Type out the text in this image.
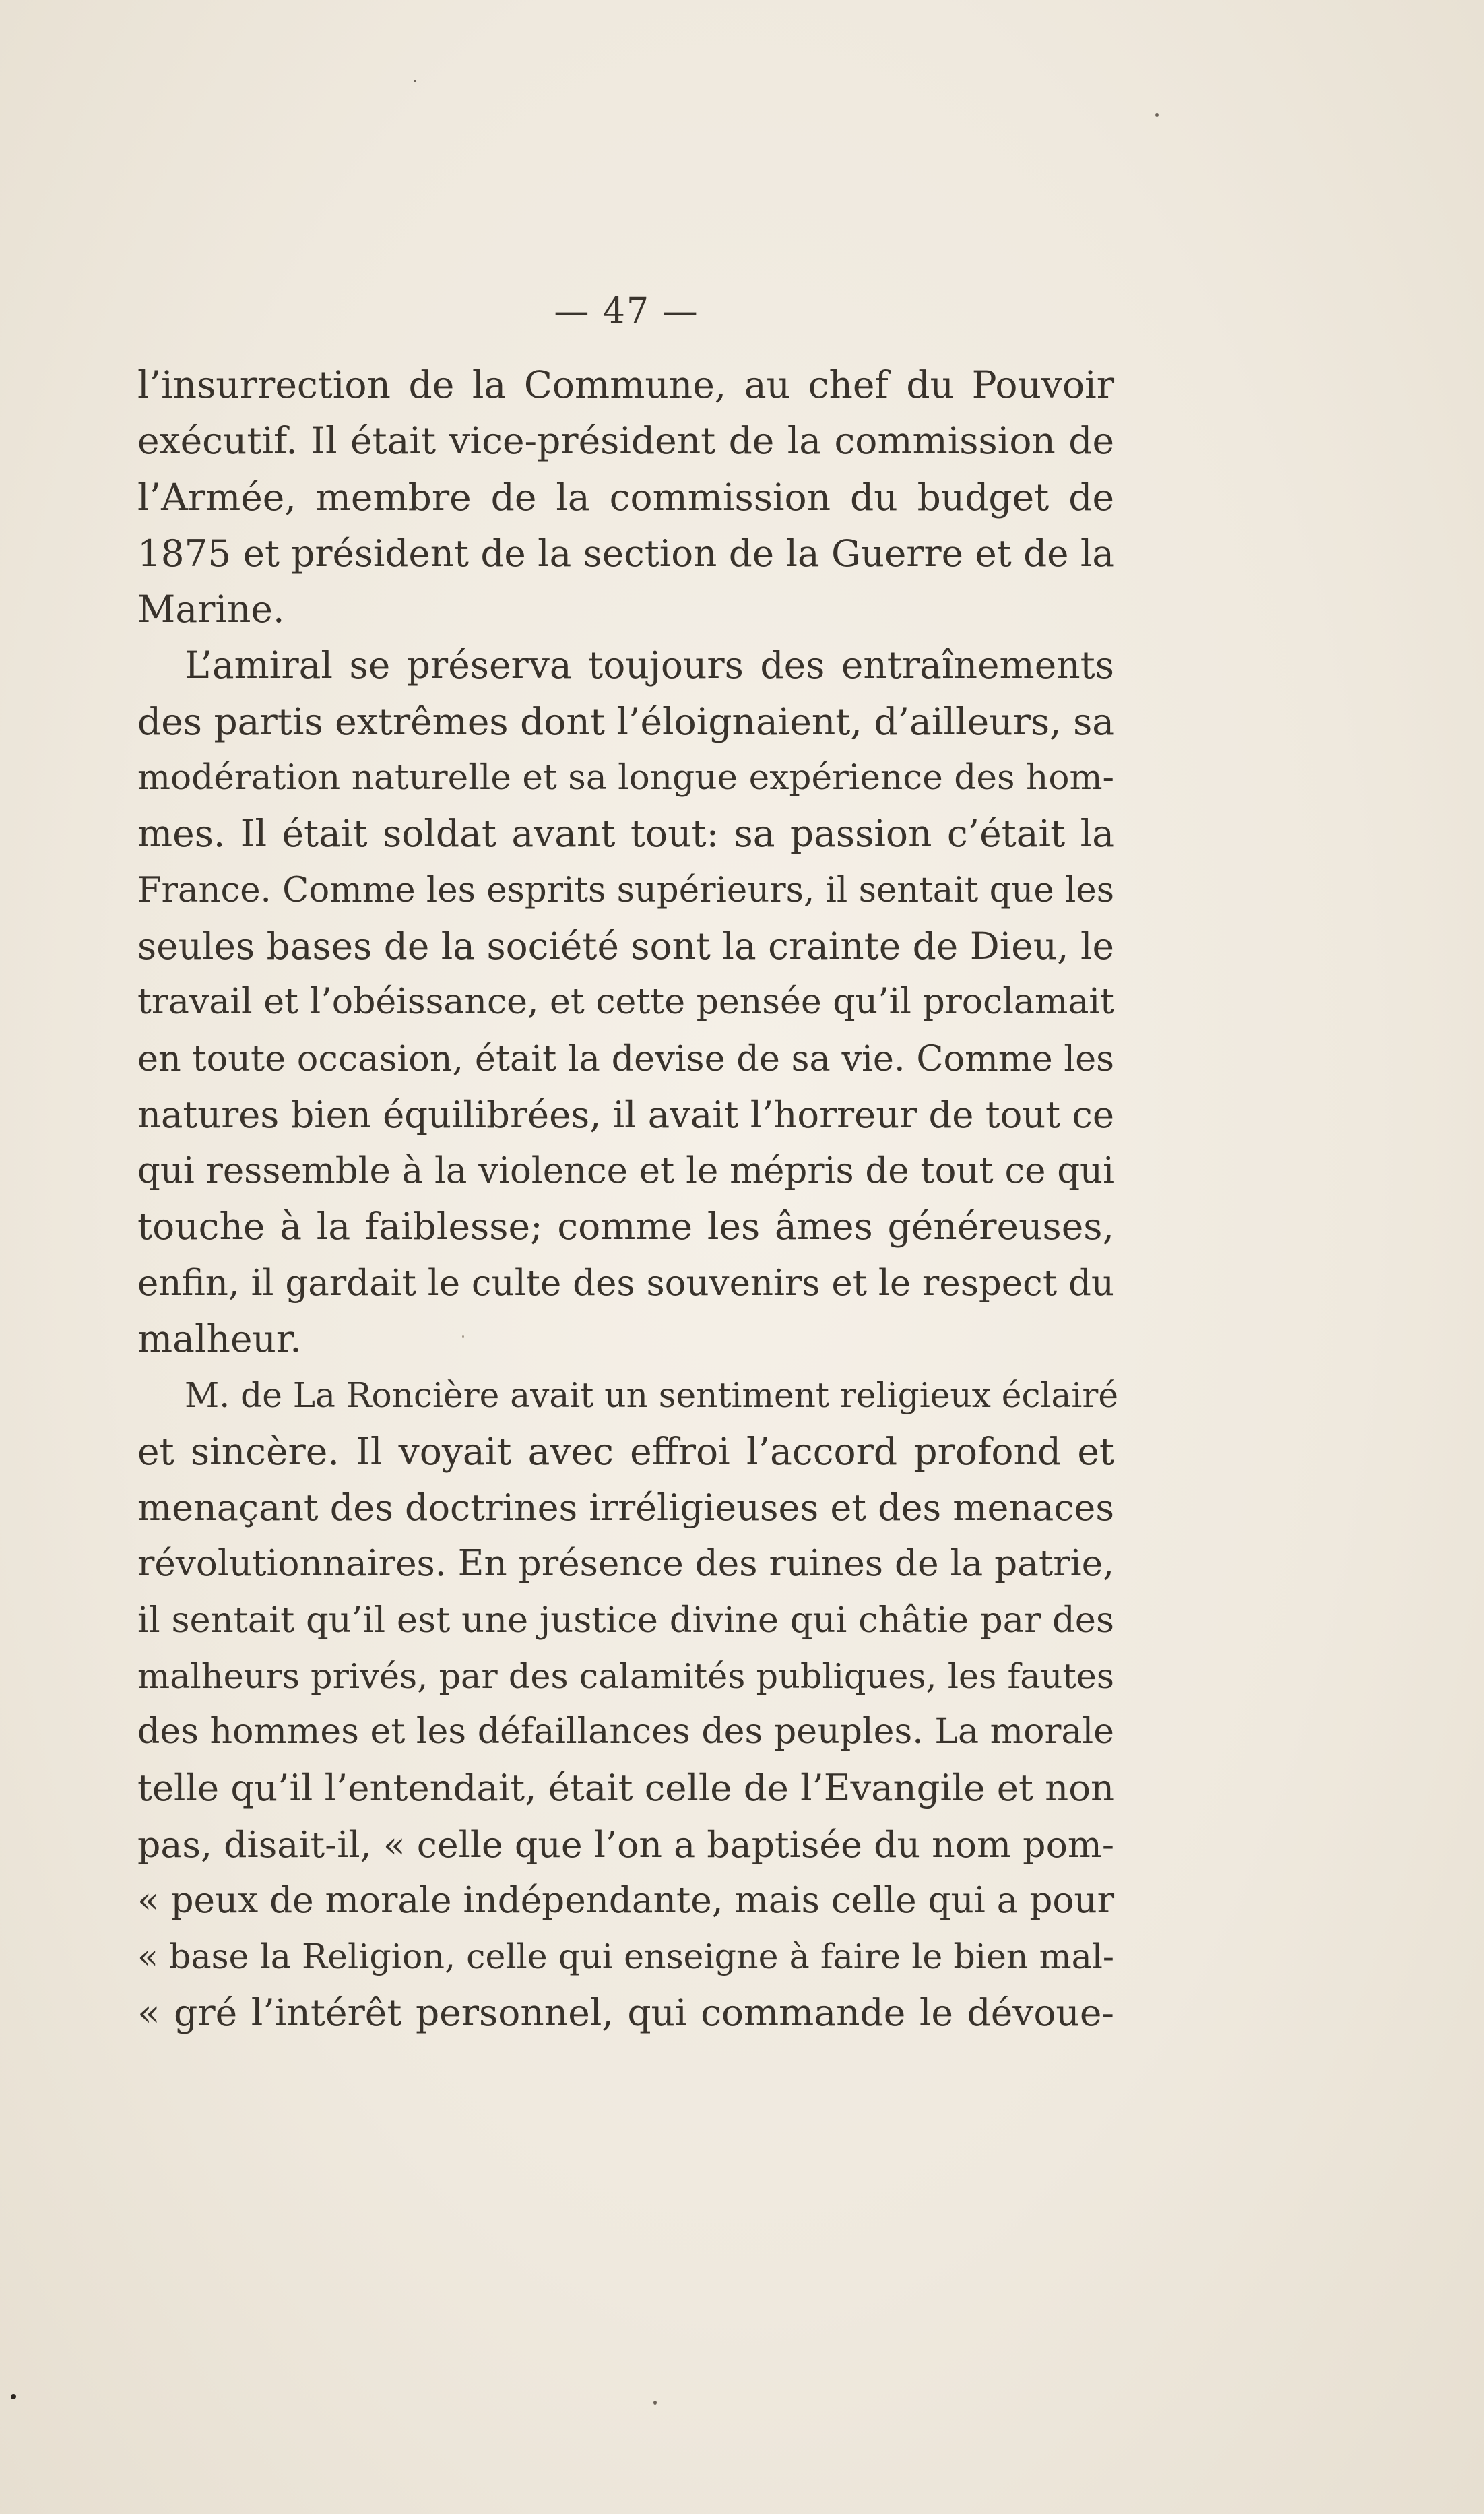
— 47 —
l’insurrection de la Commune, au chef du Pouvoir
exécutif. Il était vice-président de la commission de
l’Armée, membre de la commission du budget de
1875 et président de la section de la Guerre et de la
Marine.
L’amiral se préserva toujours des entraînements
des partis extrêmes dont l’éloignaient, d’ailleurs, sa
modération naturelle et sa longue expérience des hom-
mes. Il était soldat avant tout: sa passion c’était la
France. Comme les esprits supérieurs, il sentait que les
seules bases de la société sont la crainte de Dieu, le
travail et l’obéissance, et cette pensée qu’il proclamait
en toute occasion, était la devise de sa vie. Comme les
natures bien équilibrées, il avait l’horreur de tout ce
qui ressemble à la violence et le mépris de tout ce qui
touche à la faiblesse; comme les âmes généreuses,
enfin, il gardait le culte des souvenirs et le respect du
malheur.
M. de La Roncière avait un sentiment religieux éclairé
et sincère. Il voyait avec effroi l’accord profond et
menaçant des doctrines irréligieuses et des menaces
révolutionnaires. En présence des ruines de la patrie,
il sentait qu’il est une justice divine qui châtie par des
malheurs privés, par des calamités publiques, les fautes
des hommes et les défaillances des peuples. La morale
telle qu’il l’entendait, était celle de l’Evangile et non
pas, disait-il, « celle que l’on a baptisée du nom pom-
« peux de morale indépendante, mais celle qui a pour
« base la Religion, celle qui enseigne à faire le bien mal-
« gré l’intérêt personnel, qui commande le dévoue-
